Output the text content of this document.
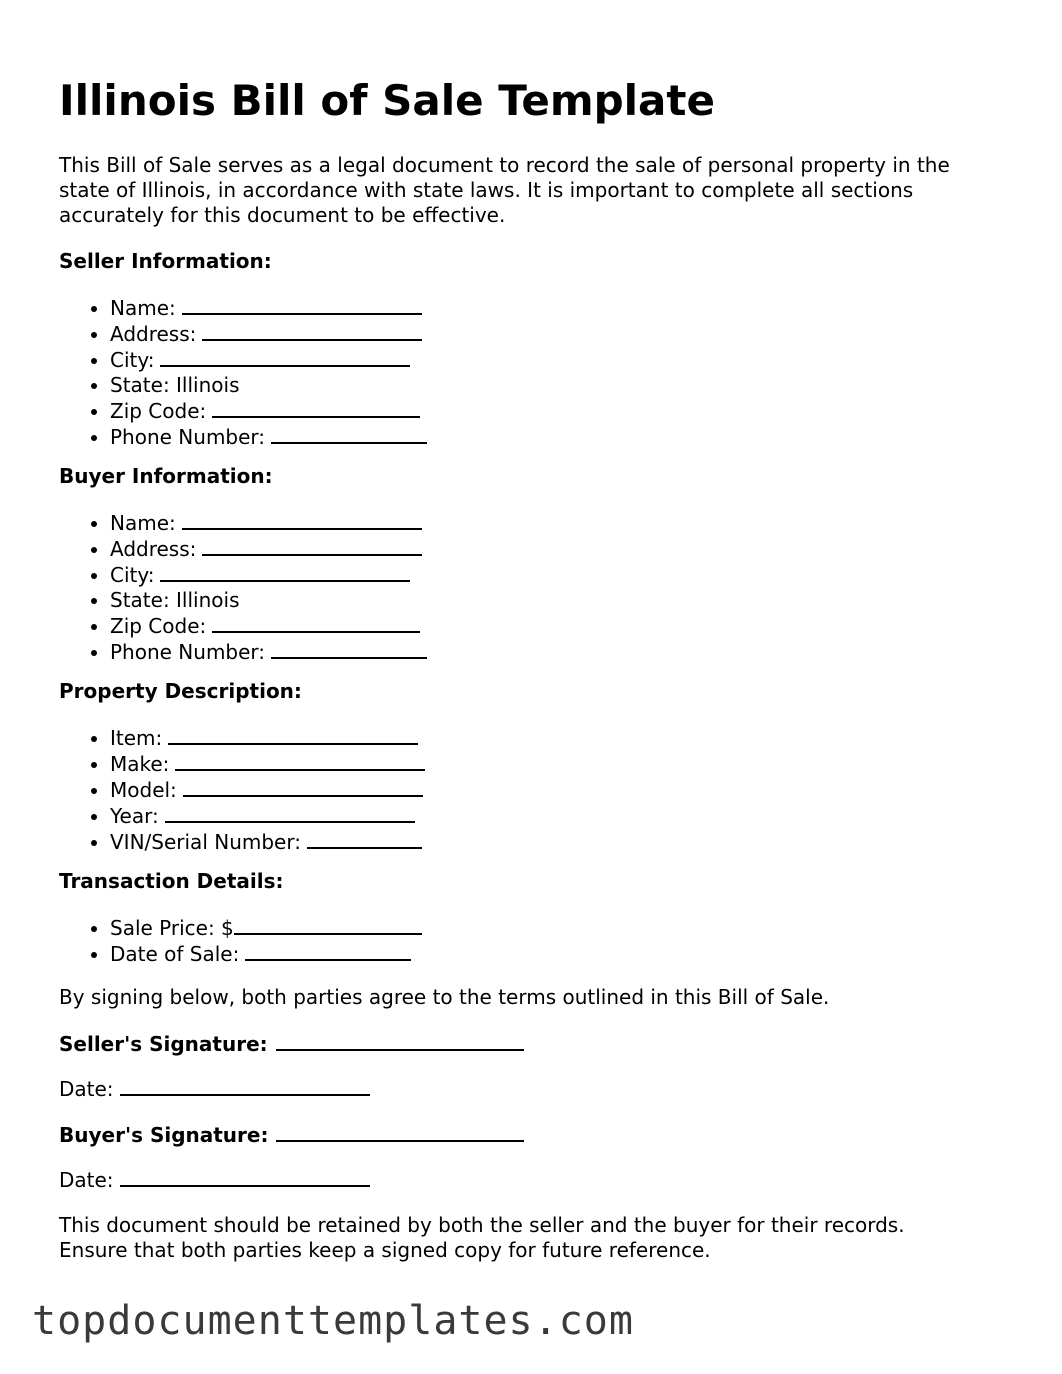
Illinois Bill of Sale Template

This Bill of Sale serves as a legal document to record the sale of personal property in the state of Illinois, in accordance with state laws. It is important to complete all sections accurately for this document to be effective.

Seller Information:

• Name:
• Address:
• City:
• State: Illinois
• Zip Code:
• Phone Number:

Buyer Information:

• Name:
• Address:
• City:
• State: Illinois
• Zip Code:
• Phone Number:

Property Description:

• Item:
• Make:
• Model:
• Year:
• VIN/Serial Number:

Transaction Details:

• Sale Price: $
• Date of Sale:

By signing below, both parties agree to the terms outlined in this Bill of Sale.

Seller's Signature:

Date:

Buyer's Signature:

Date:

This document should be retained by both the seller and the buyer for their records.

Ensure that both parties keep a signed copy for future reference.

topdocumenttemplates.com
